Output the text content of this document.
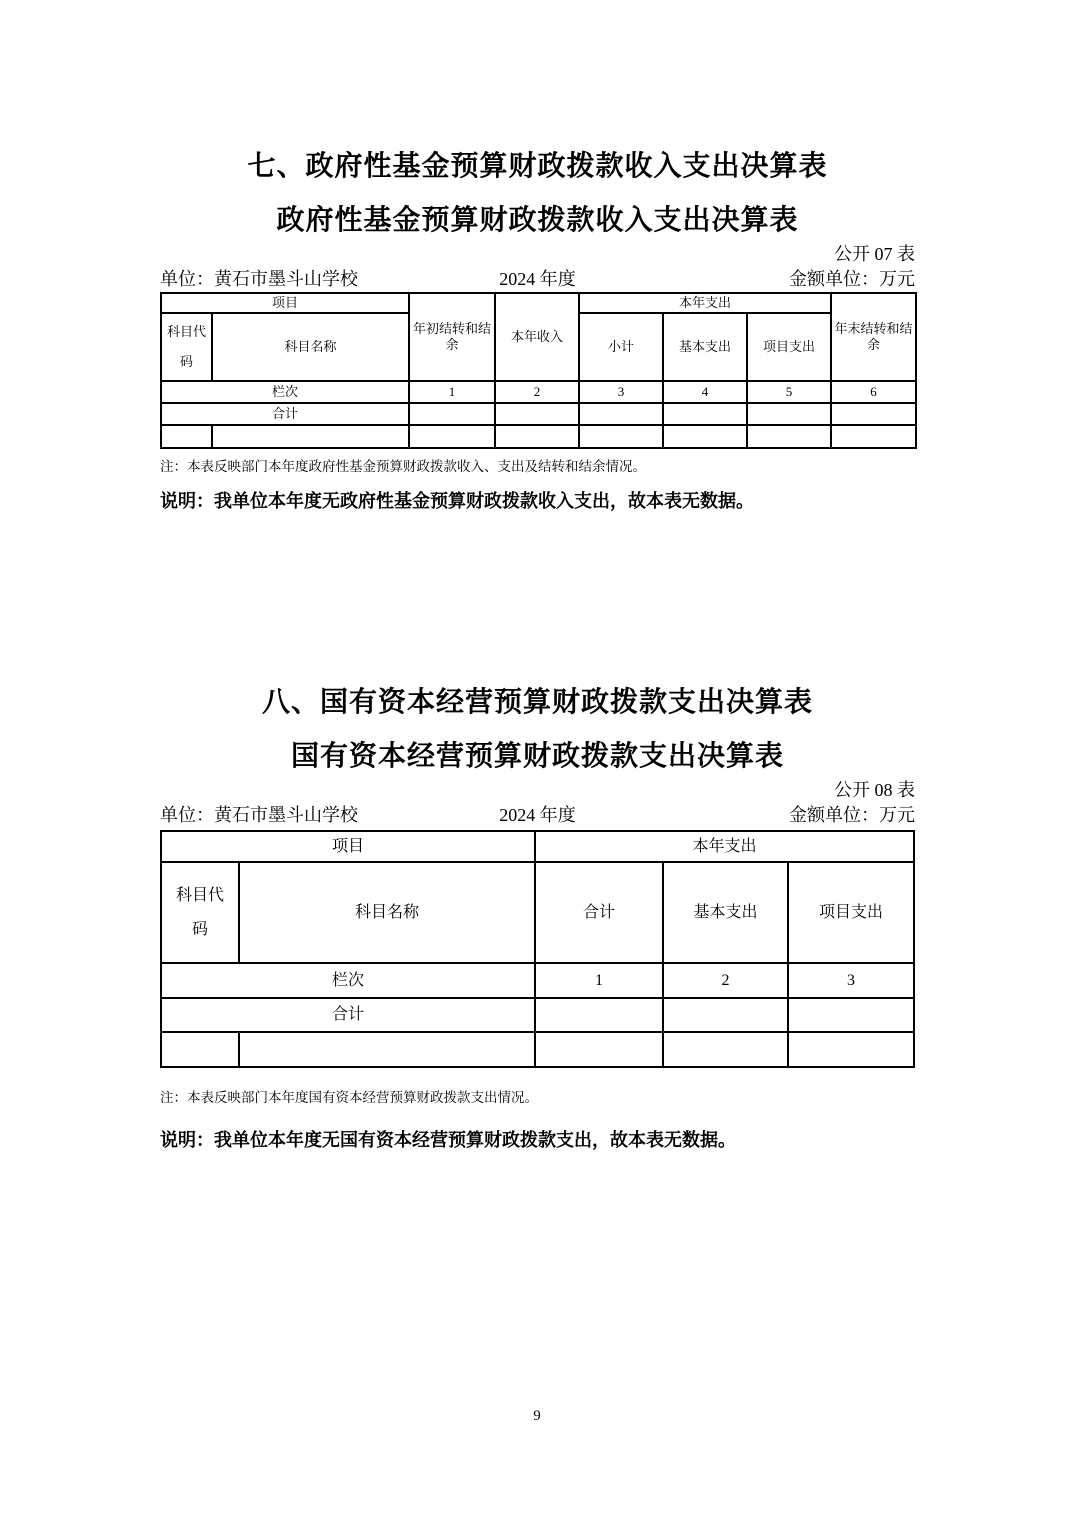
七、政府性基金预算财政拨款收入支出决算表
政府性基金预算财政拨款收入支出决算表
公开 07 表
单位：黄石市墨斗山学校	2024 年度	金额单位：万元
项目		年初结转和结余	本年收入	本年支出			年末结转和结余
科目代码	科目名称			小计	基本支出	项目支出	
栏次		1	2	3	4	5	6
合计							

注：本表反映部门本年度政府性基金预算财政拨款收入、支出及结转和结余情况。
说明：我单位本年度无政府性基金预算财政拨款收入支出，故本表无数据。
八、国有资本经营预算财政拨款支出决算表
国有资本经营预算财政拨款支出决算表
公开 08 表
单位：黄石市墨斗山学校	2024 年度	金额单位：万元
项目		本年支出		
科目代码	科目名称	合计	基本支出	项目支出
栏次		1	2	3
合计				

注：本表反映部门本年度国有资本经营预算财政拨款支出情况。
说明：我单位本年度无国有资本经营预算财政拨款支出，故本表无数据。
9
